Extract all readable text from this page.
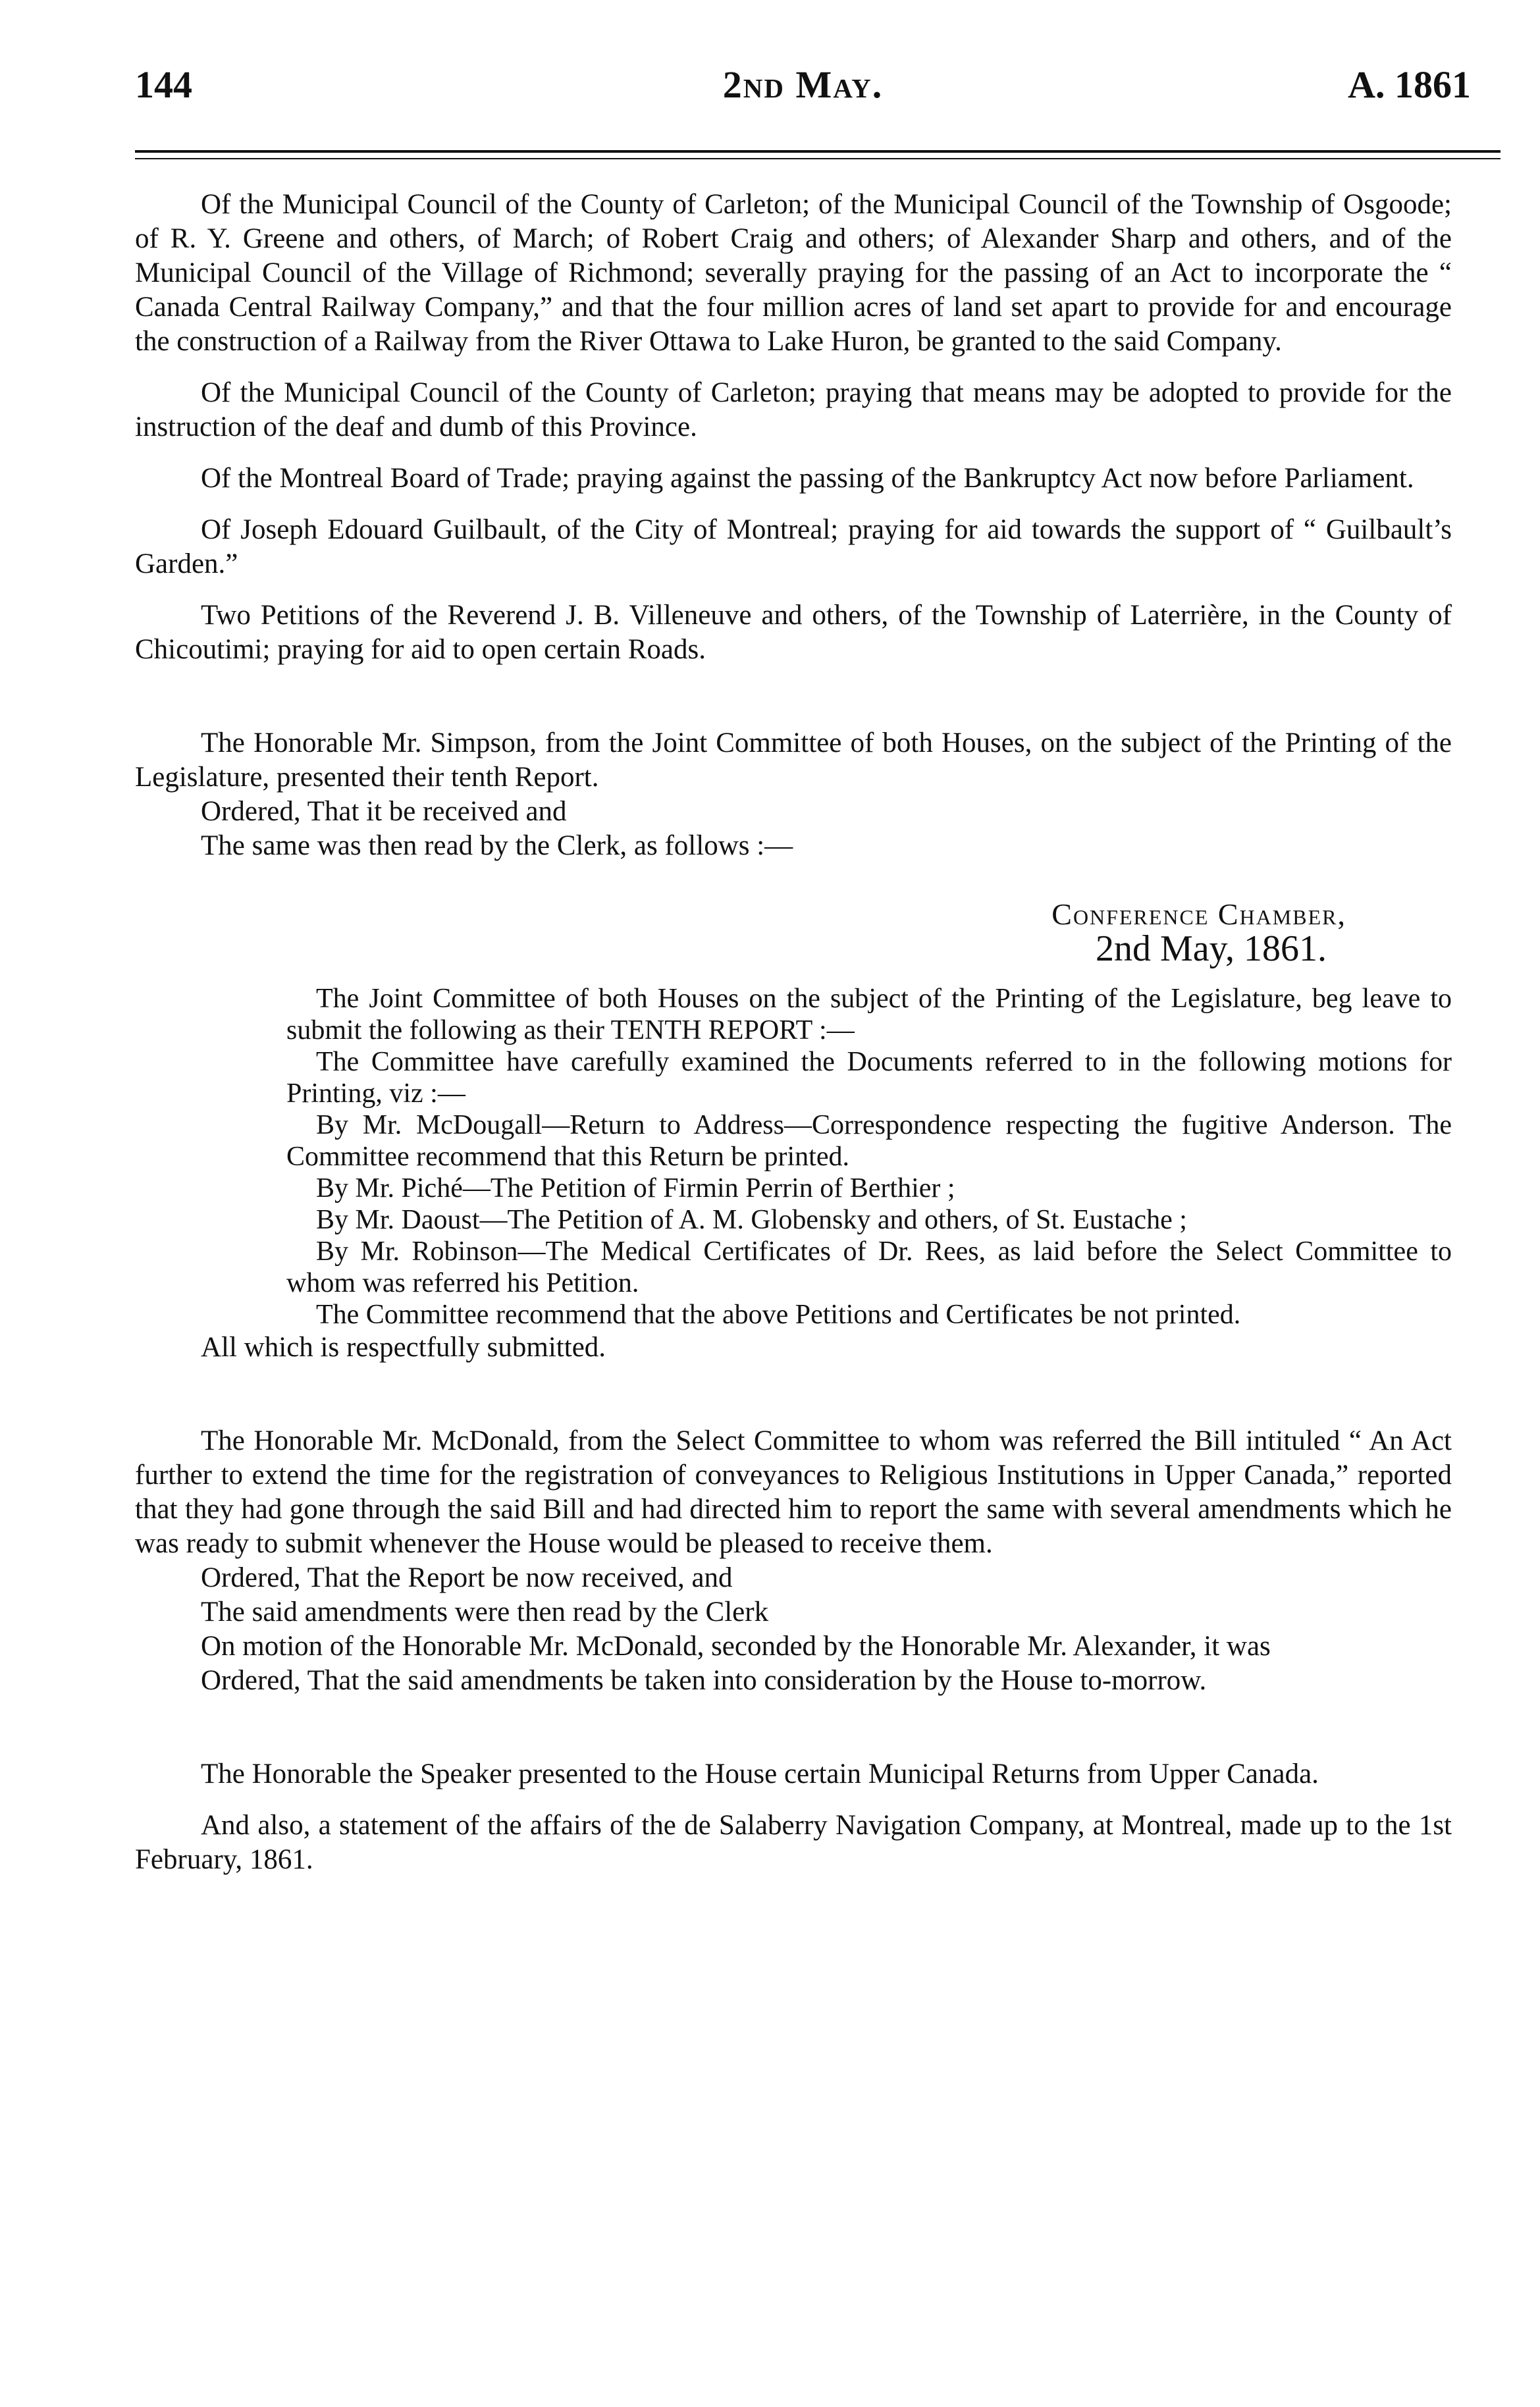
144	2nd May.	A. 1861

Of the Municipal Council of the County of Carleton; of the Municipal Council of the Township of Osgoode; of R. Y. Greene and others, of March; of Robert Craig and others; of Alexander Sharp and others, and of the Municipal Council of the Village of Richmond; severally praying for the passing of an Act to incorporate the “ Canada Central Railway Company,” and that the four million acres of land set apart to provide for and encourage the construction of a Railway from the River Ottawa to Lake Huron, be granted to the said Company.

Of the Municipal Council of the County of Carleton; praying that means may be adopted to provide for the instruction of the deaf and dumb of this Province.

Of the Montreal Board of Trade; praying against the passing of the Bankruptcy Act now before Parliament.

Of Joseph Edouard Guilbault, of the City of Montreal; praying for aid towards the support of “ Guilbault’s Garden.”

Two Petitions of the Reverend J. B. Villeneuve and others, of the Township of Laterrière, in the County of Chicoutimi; praying for aid to open certain Roads.

The Honorable Mr. Simpson, from the Joint Committee of both Houses, on the subject of the Printing of the Legislature, presented their tenth Report.

Ordered, That it be received and

The same was then read by the Clerk, as follows :—

Conference Chamber,

2nd May, 1861.

The Joint Committee of both Houses on the subject of the Printing of the Legislature, beg leave to submit the following as their TENTH REPORT :—

The Committee have carefully examined the Documents referred to in the following motions for Printing, viz :—

By Mr. McDougall—Return to Address—Correspondence respecting the fugitive Anderson. The Committee recommend that this Return be printed.

By Mr. Piché—The Petition of Firmin Perrin of Berthier ;

By Mr. Daoust—The Petition of A. M. Globensky and others, of St. Eustache ;

By Mr. Robinson—The Medical Certificates of Dr. Rees, as laid before the Select Committee to whom was referred his Petition.

The Committee recommend that the above Petitions and Certificates be not printed.

All which is respectfully submitted.

The Honorable Mr. McDonald, from the Select Committee to whom was referred the Bill intituled “ An Act further to extend the time for the registration of conveyances to Religious Institutions in Upper Canada,” reported that they had gone through the said Bill and had directed him to report the same with several amendments which he was ready to submit whenever the House would be pleased to receive them.

Ordered, That the Report be now received, and

The said amendments were then read by the Clerk

On motion of the Honorable Mr. McDonald, seconded by the Honorable Mr. Alexander, it was

Ordered, That the said amendments be taken into consideration by the House to-morrow.

The Honorable the Speaker presented to the House certain Municipal Returns from Upper Canada.

And also, a statement of the affairs of the de Salaberry Navigation Company, at Montreal, made up to the 1st February, 1861.
